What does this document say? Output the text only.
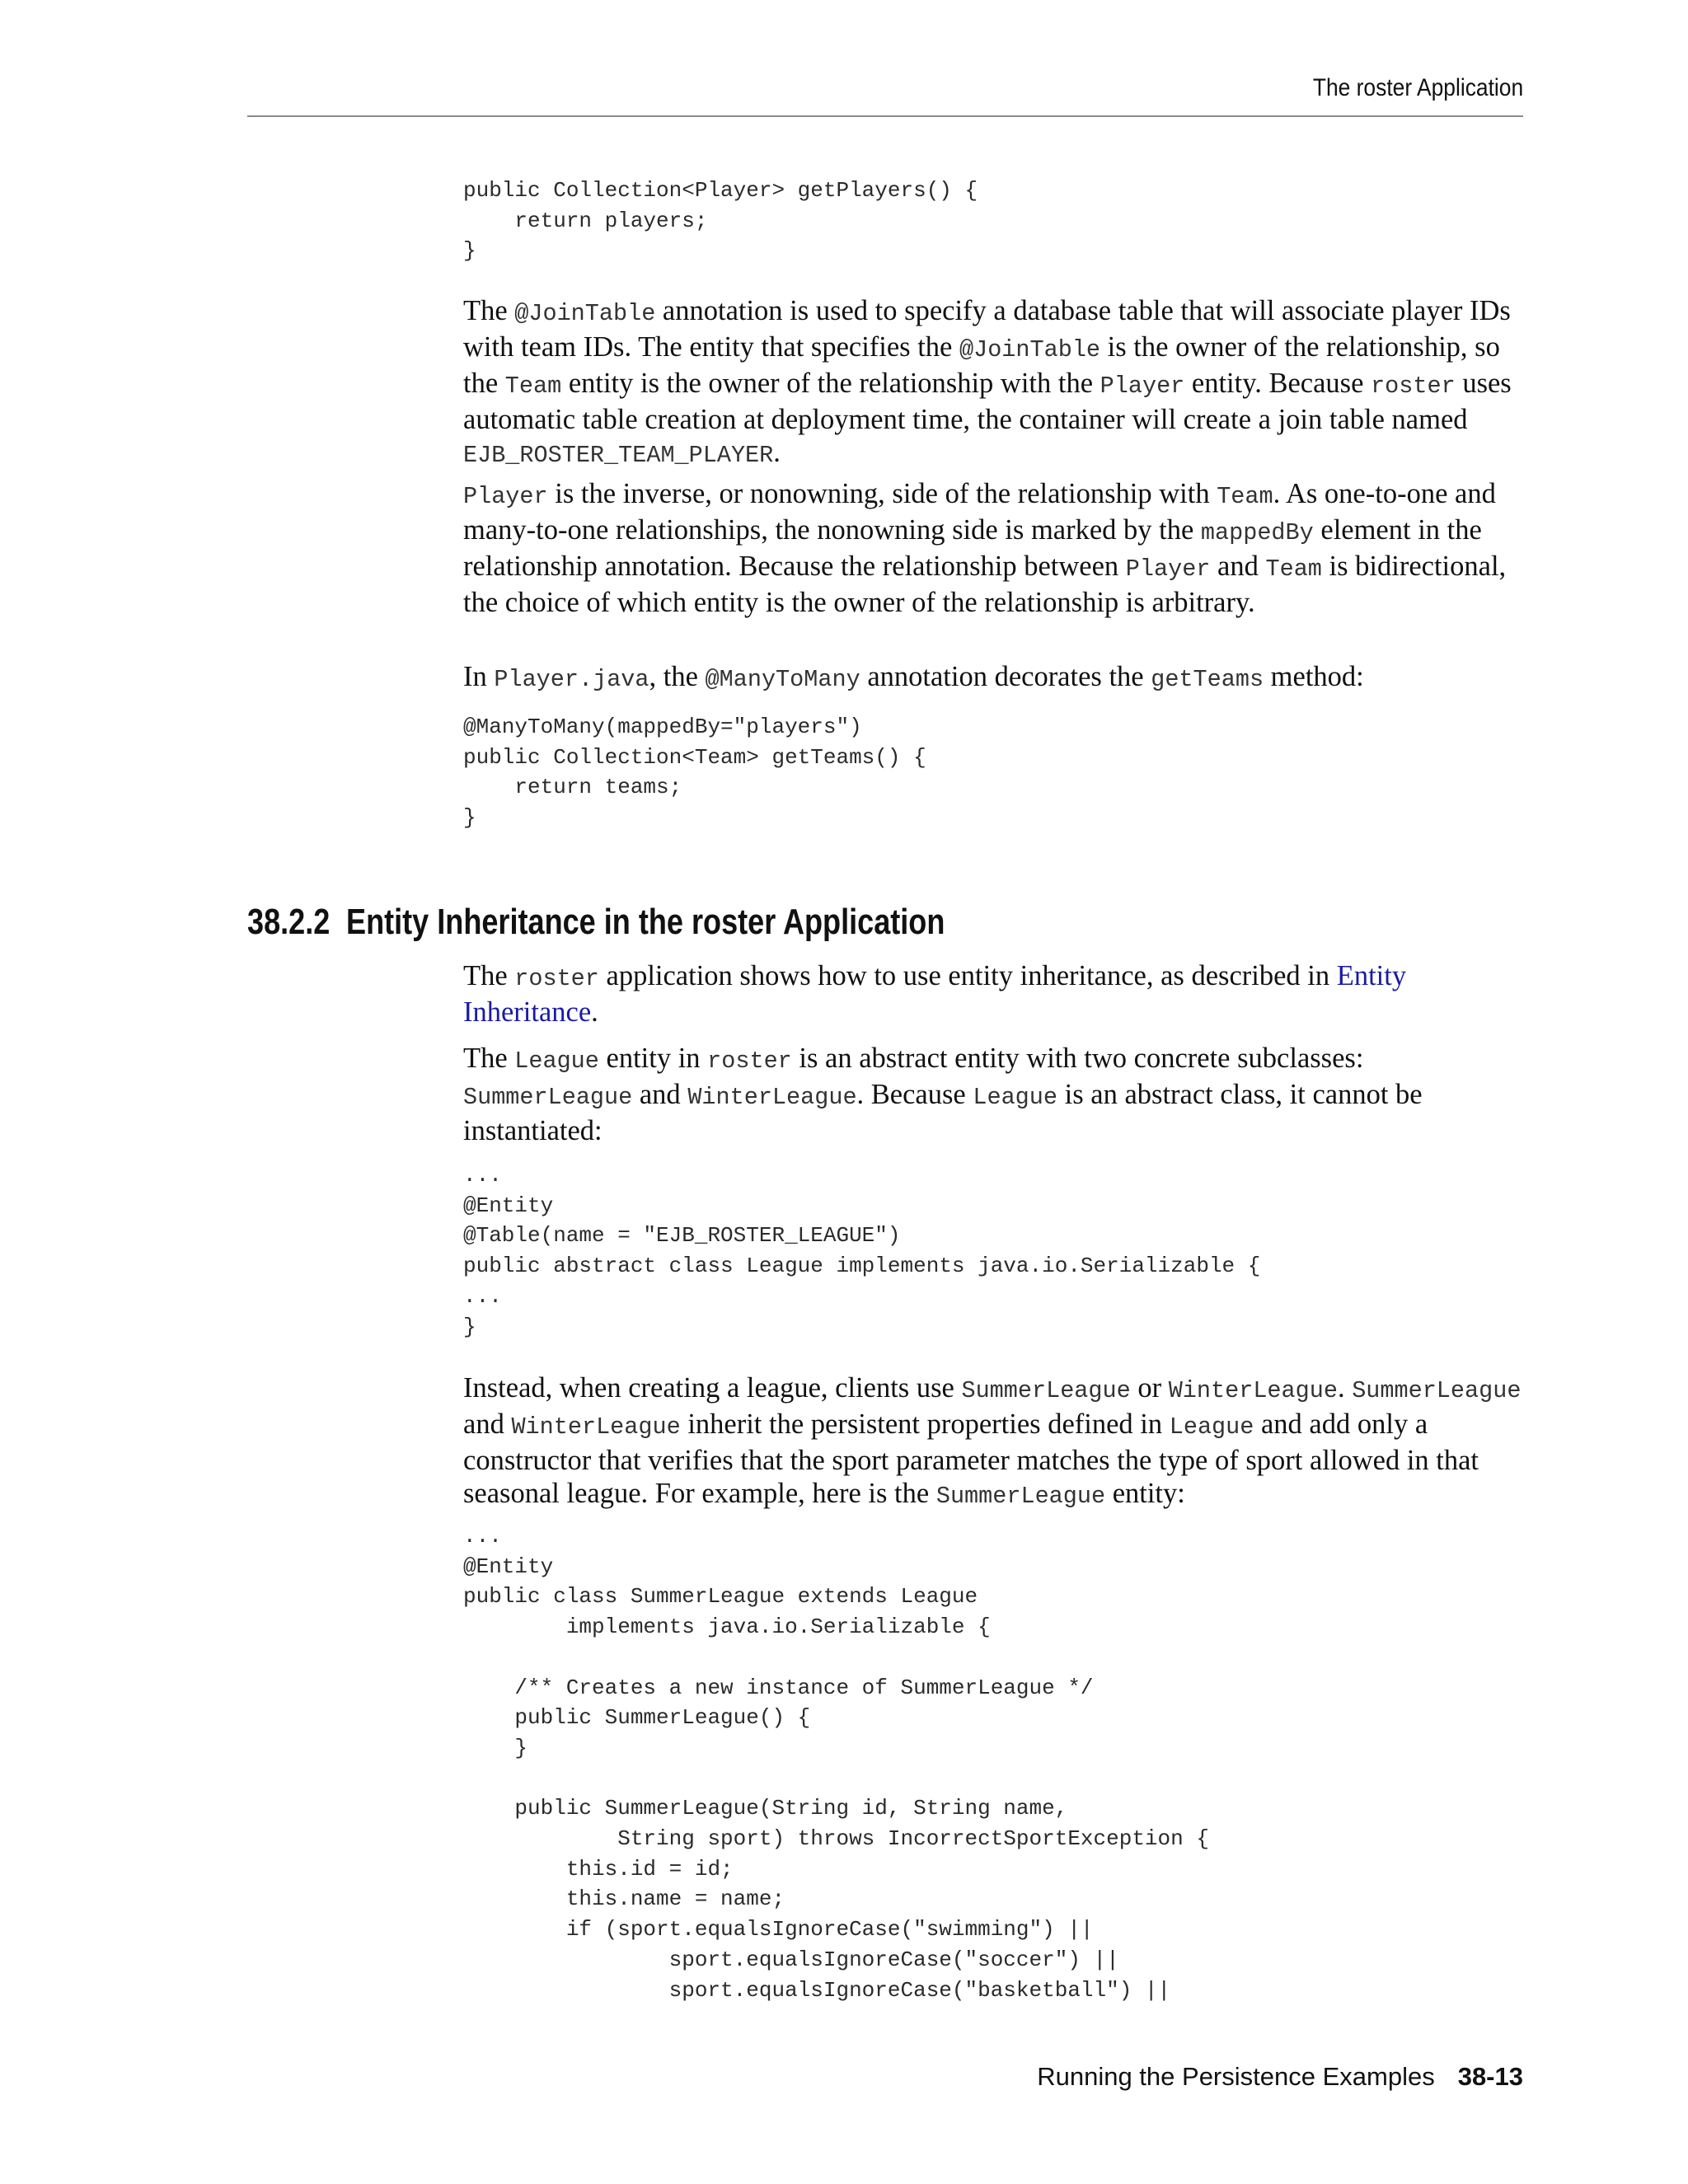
The roster Application
public Collection<Player> getPlayers() {
return players;
}

The @JoinTable annotation is used to specify a database table that will associate player IDs with team IDs. The entity that specifies the @JoinTable is the owner of the relationship, so the Team entity is the owner of the relationship with the Player entity. Because roster uses automatic table creation at deployment time, the container will create a join table named EJB_ROSTER_TEAM_PLAYER.

Player is the inverse, or nonowning, side of the relationship with Team. As one-to-one and many-to-one relationships, the nonowning side is marked by the mappedBy element in the relationship annotation. Because the relationship between Player and Team is bidirectional, the choice of which entity is the owner of the relationship is arbitrary.

In Player.java, the @ManyToMany annotation decorates the getTeams method:

@ManyToMany(mappedBy="players")
public Collection<Team> getTeams() {
return teams;
}
38.2.2 Entity Inheritance in the roster Application

The roster application shows how to use entity inheritance, as described in Entity Inheritance.

The League entity in roster is an abstract entity with two concrete subclasses: SummerLeague and WinterLeague. Because League is an abstract class, it cannot be instantiated:

...
@Entity
@Table(name = "EJB_ROSTER_LEAGUE")
public abstract class League implements java.io.Serializable {
...
}

Instead, when creating a league, clients use SummerLeague or WinterLeague. SummerLeague and WinterLeague inherit the persistent properties defined in League and add only a constructor that verifies that the sport parameter matches the type of sport allowed in that seasonal league. For example, here is the SummerLeague entity:

...
@Entity
public class SummerLeague extends League
implements java.io.Serializable {

/** Creates a new instance of SummerLeague */
public SummerLeague() {
}

public SummerLeague(String id, String name,
String sport) throws IncorrectSportException {
this.id = id;
this.name = name;
if (sport.equalsIgnoreCase("swimming") ||
sport.equalsIgnoreCase("soccer") ||
sport.equalsIgnoreCase("basketball") ||
Running the Persistence Examples 38-13
